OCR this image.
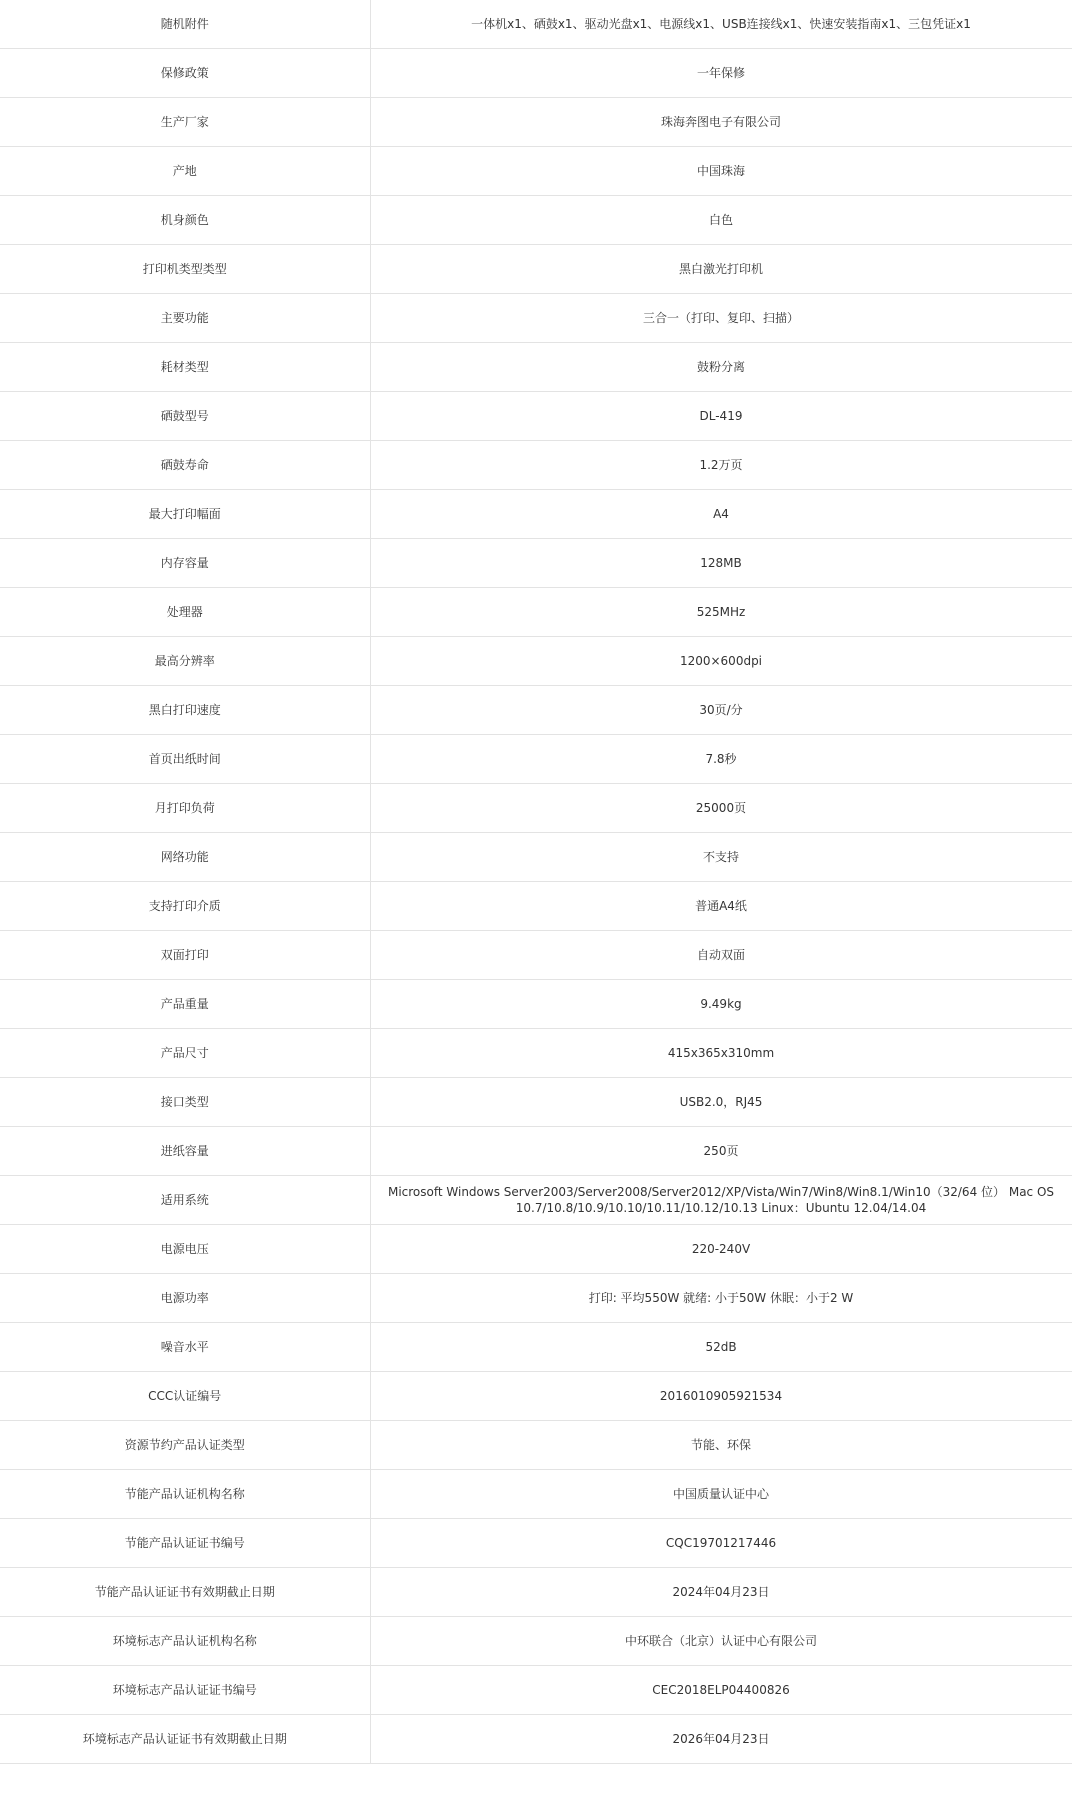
随机附件	一体机x1、硒鼓x1、驱动光盘x1、电源线x1、USB连接线x1、快速安装指南x1、三包凭证x1
保修政策	一年保修
生产厂家	珠海奔图电子有限公司
产地	中国珠海
机身颜色	白色
打印机类型类型	黑白激光打印机
主要功能	三合一（打印、复印、扫描）
耗材类型	鼓粉分离
硒鼓型号	DL-419
硒鼓寿命	1.2万页
最大打印幅面	A4
内存容量	128MB
处理器	525MHz
最高分辨率	1200×600dpi
黑白打印速度	30页/分
首页出纸时间	7.8秒
月打印负荷	25000页
网络功能	不支持
支持打印介质	普通A4纸
双面打印	自动双面
产品重量	9.49kg
产品尺寸	415x365x310mm
接口类型	USB2.0，RJ45
进纸容量	250页
适用系统	Microsoft Windows Server2003/Server2008/Server2012/XP/Vista/Win7/Win8/Win8.1/Win10（32/64 位） Mac OS 10.7/10.8/10.9/10.10/10.11/10.12/10.13 Linux：Ubuntu 12.04/14.04
电源电压	220-240V
电源功率	打印: 平均550W 就绪: 小于50W 休眠：小于2 W
噪音水平	52dB
CCC认证编号	2016010905921534
资源节约产品认证类型	节能、环保
节能产品认证机构名称	中国质量认证中心
节能产品认证证书编号	CQC19701217446
节能产品认证证书有效期截止日期	2024年04月23日
环境标志产品认证机构名称	中环联合（北京）认证中心有限公司
环境标志产品认证证书编号	CEC2018ELP04400826
环境标志产品认证证书有效期截止日期	2026年04月23日
